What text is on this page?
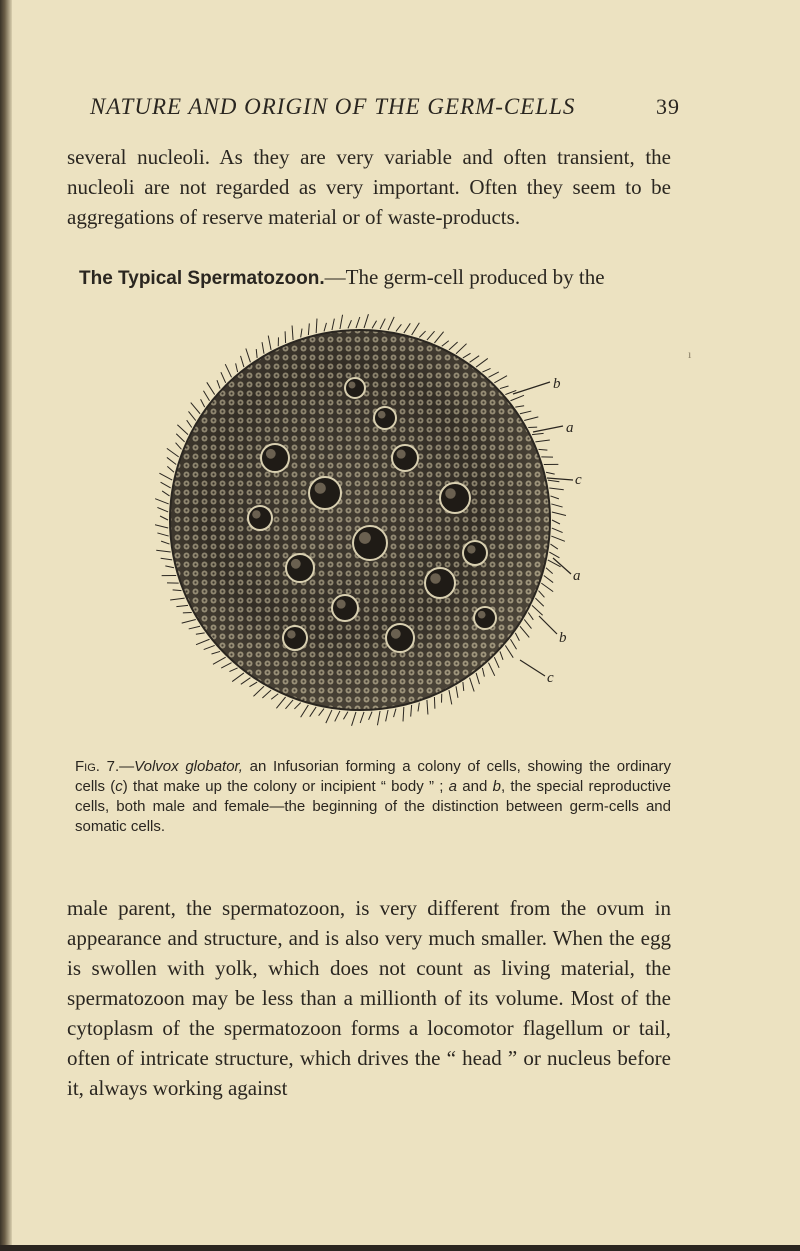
NATURE AND ORIGIN OF THE GERM-CELLS	39
several nucleoli. As they are very variable and often transient, the nucleoli are not regarded as very important. Often they seem to be aggregations of reserve material or of waste-products.
The Typical Spermatozoon.—The germ-cell produced by the
ı
b
a
c
a
b
c
Fig. 7.—Volvox globator, an Infusorian forming a colony of cells, showing the ordinary cells (c) that make up the colony or incipient “ body ” ; a and b, the special reproductive cells, both male and female—the beginning of the distinction between germ-cells and somatic cells.
male parent, the spermatozoon, is very different from the ovum in appearance and structure, and is also very much smaller. When the egg is swollen with yolk, which does not count as living material, the spermatozoon may be less than a millionth of its volume. Most of the cytoplasm of the spermatozoon forms a locomotor flagellum or tail, often of intricate structure, which drives the “ head ” or nucleus before it, always working against
